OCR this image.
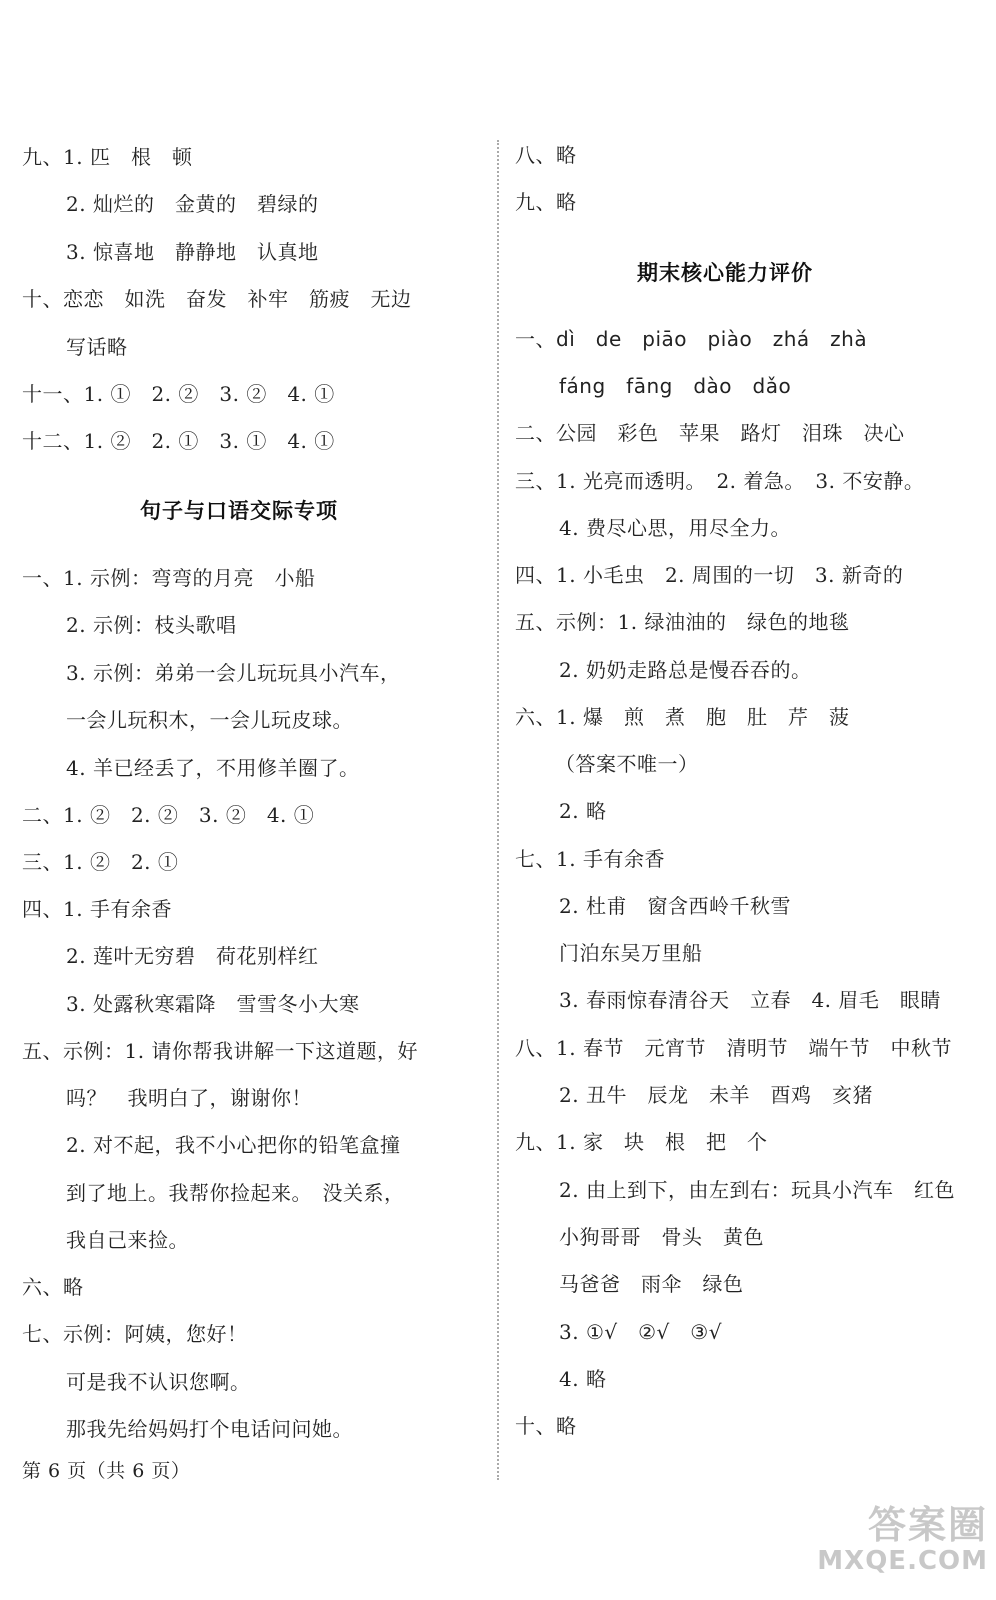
九、1. 匹　根　顿
2. 灿烂的　金黄的　碧绿的
3. 惊喜地　静静地　认真地
十、恋恋　如洗　奋发　补牢　筋疲　无边
写话略
十一、1. ①　2. ②　3. ②　4. ①
十二、1. ②　2. ①　3. ①　4. ①
句子与口语交际专项
一、1. 示例：弯弯的月亮　小船
2. 示例：枝头歌唱
3. 示例：弟弟一会儿玩玩具小汽车，
一会儿玩积木，一会儿玩皮球。
4. 羊已经丢了，不用修羊圈了。
二、1. ②　2. ②　3. ②　4. ①
三、1. ②　2. ①
四、1. 手有余香
2. 莲叶无穷碧　荷花别样红
3. 处露秋寒霜降　雪雪冬小大寒
五、示例：1. 请你帮我讲解一下这道题，好
吗？　我明白了，谢谢你！
2. 对不起，我不小心把你的铅笔盒撞
到了地上。我帮你捡起来。　没关系，
我自己来捡。
六、略
七、示例：阿姨，您好！
可是我不认识您啊。
那我先给妈妈打个电话问问她。
八、略
九、略
期末核心能力评价
一、dì　de　piāo　piào　zhá　zhà
fáng　fāng　dào　dǎo
二、公园　彩色　苹果　路灯　泪珠　决心
三、1. 光亮而透明。　2. 着急。　3. 不安静。
4. 费尽心思，用尽全力。
四、1. 小毛虫　2. 周围的一切　3. 新奇的
五、示例：1. 绿油油的　绿色的地毯
2. 奶奶走路总是慢吞吞的。
六、1. 爆　煎　煮　胞　肚　芹　菠
（答案不唯一）
2. 略
七、1. 手有余香
2. 杜甫　窗含西岭千秋雪
门泊东吴万里船
3. 春雨惊春清谷天　立春　4. 眉毛　眼睛
八、1. 春节　元宵节　清明节　端午节　中秋节
2. 丑牛　辰龙　未羊　酉鸡　亥猪
九、1. 家　块　根　把　个
2. 由上到下，由左到右：玩具小汽车　红色
小狗哥哥　骨头　黄色
马爸爸　雨伞　绿色
3. ①√　②√　③√
4. 略
十、略
第 6 页（共 6 页）
答案圈
MXQE.COM
